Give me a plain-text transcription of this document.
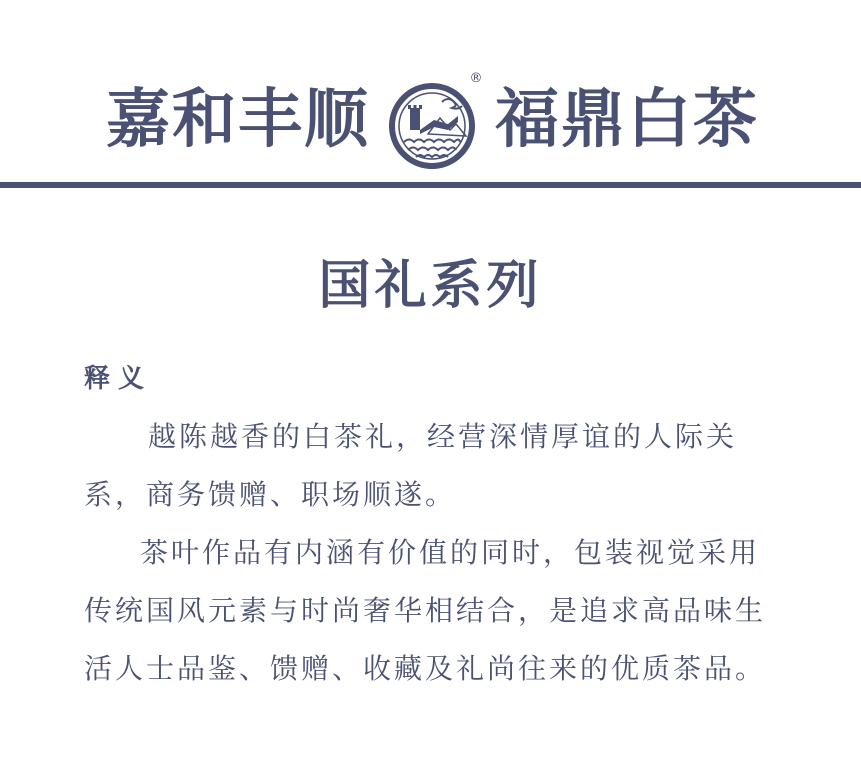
嘉和丰顺
®
福鼎白茶
国礼系列
释义
越陈越香的白茶礼，经营深情厚谊的人际关系，商务馈赠、职场顺遂。
茶叶作品有内涵有价值的同时，包装视觉采用传统国风元素与时尚奢华相结合，是追求高品味生活人士品鉴、馈赠、收藏及礼尚往来的优质茶品。
